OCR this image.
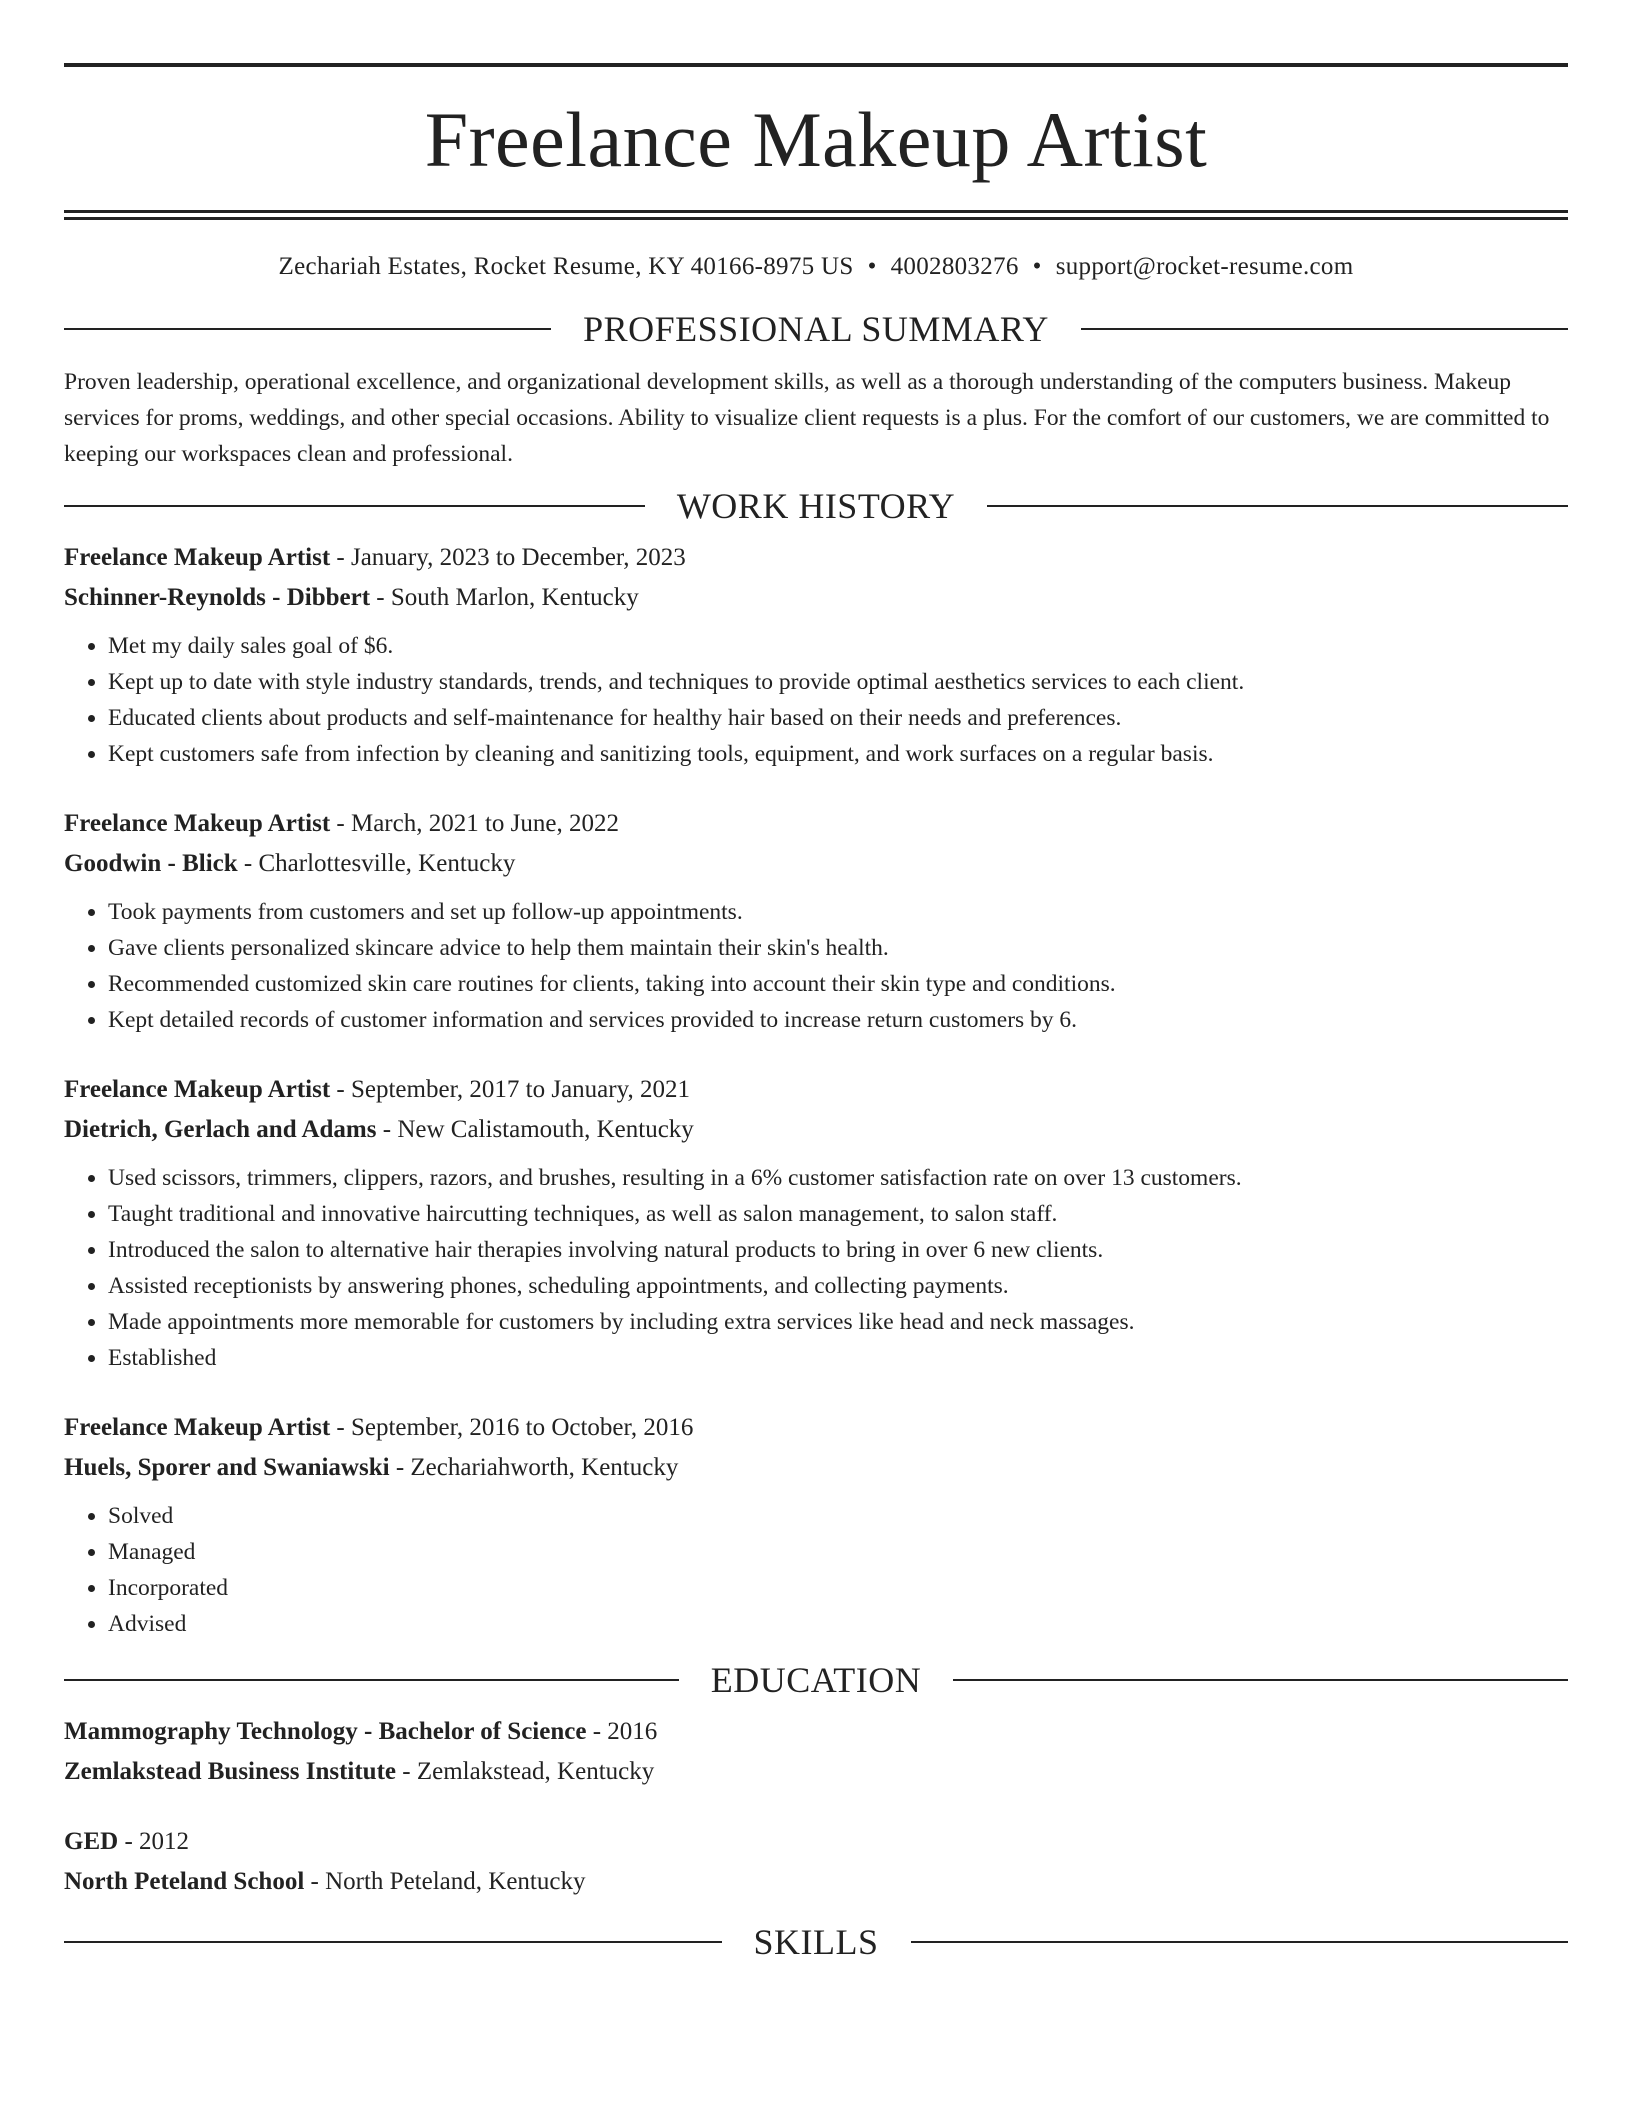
Freelance Makeup Artist
Zechariah Estates, Rocket Resume, KY 40166-8975 US • 4002803276 • support@rocket-resume.com
PROFESSIONAL SUMMARY

Proven leadership, operational excellence, and organizational development skills, as well as a thorough understanding of the computers business. Makeup services for proms, weddings, and other special occasions. Ability to visualize client requests is a plus. For the comfort of our customers, we are committed to keeping our workspaces clean and professional.

WORK HISTORY
Freelance Makeup Artist - January, 2023 to December, 2023
Schinner-Reynolds - Dibbert - South Marlon, Kentucky
• Met my daily sales goal of $6.
• Kept up to date with style industry standards, trends, and techniques to provide optimal aesthetics services to each client.
• Educated clients about products and self-maintenance for healthy hair based on their needs and preferences.
• Kept customers safe from infection by cleaning and sanitizing tools, equipment, and work surfaces on a regular basis.
Freelance Makeup Artist - March, 2021 to June, 2022
Goodwin - Blick - Charlottesville, Kentucky
• Took payments from customers and set up follow-up appointments.
• Gave clients personalized skincare advice to help them maintain their skin's health.
• Recommended customized skin care routines for clients, taking into account their skin type and conditions.
• Kept detailed records of customer information and services provided to increase return customers by 6.
Freelance Makeup Artist - September, 2017 to January, 2021
Dietrich, Gerlach and Adams - New Calistamouth, Kentucky
• Used scissors, trimmers, clippers, razors, and brushes, resulting in a 6% customer satisfaction rate on over 13 customers.
• Taught traditional and innovative haircutting techniques, as well as salon management, to salon staff.
• Introduced the salon to alternative hair therapies involving natural products to bring in over 6 new clients.
• Assisted receptionists by answering phones, scheduling appointments, and collecting payments.
• Made appointments more memorable for customers by including extra services like head and neck massages.
• Established
Freelance Makeup Artist - September, 2016 to October, 2016
Huels, Sporer and Swaniawski - Zechariahworth, Kentucky
• Solved
• Managed
• Incorporated
• Advised
EDUCATION
Mammography Technology - Bachelor of Science - 2016
Zemlakstead Business Institute - Zemlakstead, Kentucky
GED - 2012
North Peteland School - North Peteland, Kentucky
SKILLS
